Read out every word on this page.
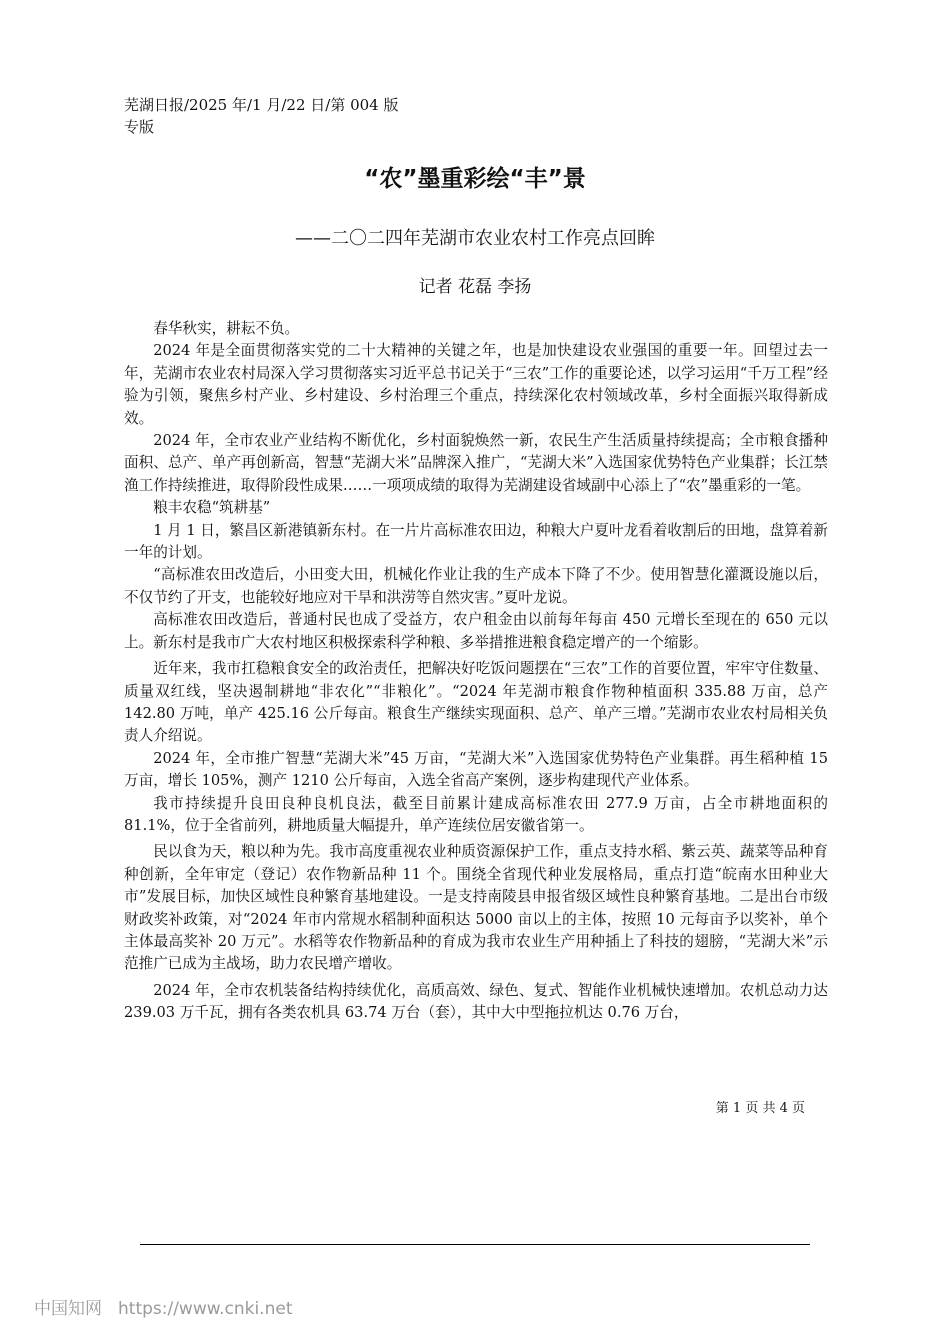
芜湖日报/2025 年/1 月/22 日/第 004 版专版
“农”墨重彩绘“丰”景
——二〇二四年芜湖市农业农村工作亮点回眸
记者 花磊 李扬

春华秋实，耕耘不负。

2024 年是全面贯彻落实党的二十大精神的关键之年，也是加快建设农业强国的重要一年。回望过去一年，芜湖市农业农村局深入学习贯彻落实习近平总书记关于“三农”工作的重要论述，以学习运用“千万工程”经验为引领，聚焦乡村产业、乡村建设、乡村治理三个重点，持续深化农村领域改革，乡村全面振兴取得新成效。

2024 年，全市农业产业结构不断优化，乡村面貌焕然一新，农民生产生活质量持续提高；全市粮食播种面积、总产、单产再创新高，智慧“芜湖大米”品牌深入推广，“芜湖大米”入选国家优势特色产业集群；长江禁渔工作持续推进，取得阶段性成果……一项项成绩的取得为芜湖建设省域副中心添上了“农”墨重彩的一笔。

粮丰农稳“筑耕基”

1 月 1 日，繁昌区新港镇新东村。在一片片高标准农田边，种粮大户夏叶龙看着收割后的田地，盘算着新一年的计划。

“高标准农田改造后，小田变大田，机械化作业让我的生产成本下降了不少。使用智慧化灌溉设施以后，不仅节约了开支，也能较好地应对干旱和洪涝等自然灾害。”夏叶龙说。

高标准农田改造后，普通村民也成了受益方，农户租金由以前每年每亩 450 元增长至现在的 650 元以上。新东村是我市广大农村地区积极探索科学种粮、多举措推进粮食稳定增产的一个缩影。

近年来，我市扛稳粮食安全的政治责任，把解决好吃饭问题摆在“三农”工作的首要位置，牢牢守住数量、质量双红线，坚决遏制耕地“非农化”“非粮化”。“2024 年芜湖市粮食作物种植面积 335.88 万亩，总产 142.80 万吨，单产 425.16 公斤每亩。粮食生产继续实现面积、总产、单产三增。”芜湖市农业农村局相关负责人介绍说。

2024 年，全市推广智慧“芜湖大米”45 万亩，“芜湖大米”入选国家优势特色产业集群。再生稻种植 15 万亩，增长 105%，测产 1210 公斤每亩，入选全省高产案例，逐步构建现代产业体系。

我市持续提升良田良种良机良法，截至目前累计建成高标准农田 277.9 万亩，占全市耕地面积的 81.1%，位于全省前列，耕地质量大幅提升，单产连续位居安徽省第一。

民以食为天，粮以种为先。我市高度重视农业种质资源保护工作，重点支持水稻、紫云英、蔬菜等品种育种创新，全年审定（登记）农作物新品种 11 个。围绕全省现代种业发展格局，重点打造“皖南水田种业大市”发展目标，加快区域性良种繁育基地建设。一是支持南陵县申报省级区域性良种繁育基地。二是出台市级财政奖补政策，对“2024 年市内常规水稻制种面积达 5000 亩以上的主体，按照 10 元每亩予以奖补，单个主体最高奖补 20 万元”。水稻等农作物新品种的育成为我市农业生产用种插上了科技的翅膀，“芜湖大米”示范推广已成为主战场，助力农民增产增收。

2024 年，全市农机装备结构持续优化，高质高效、绿色、复式、智能作业机械快速增加。农机总动力达 239.03 万千瓦，拥有各类农机具 63.74 万台（套），其中大中型拖拉机达 0.76 万台，

第 1 页 共 4 页
中国知网 https://www.cnki.net
